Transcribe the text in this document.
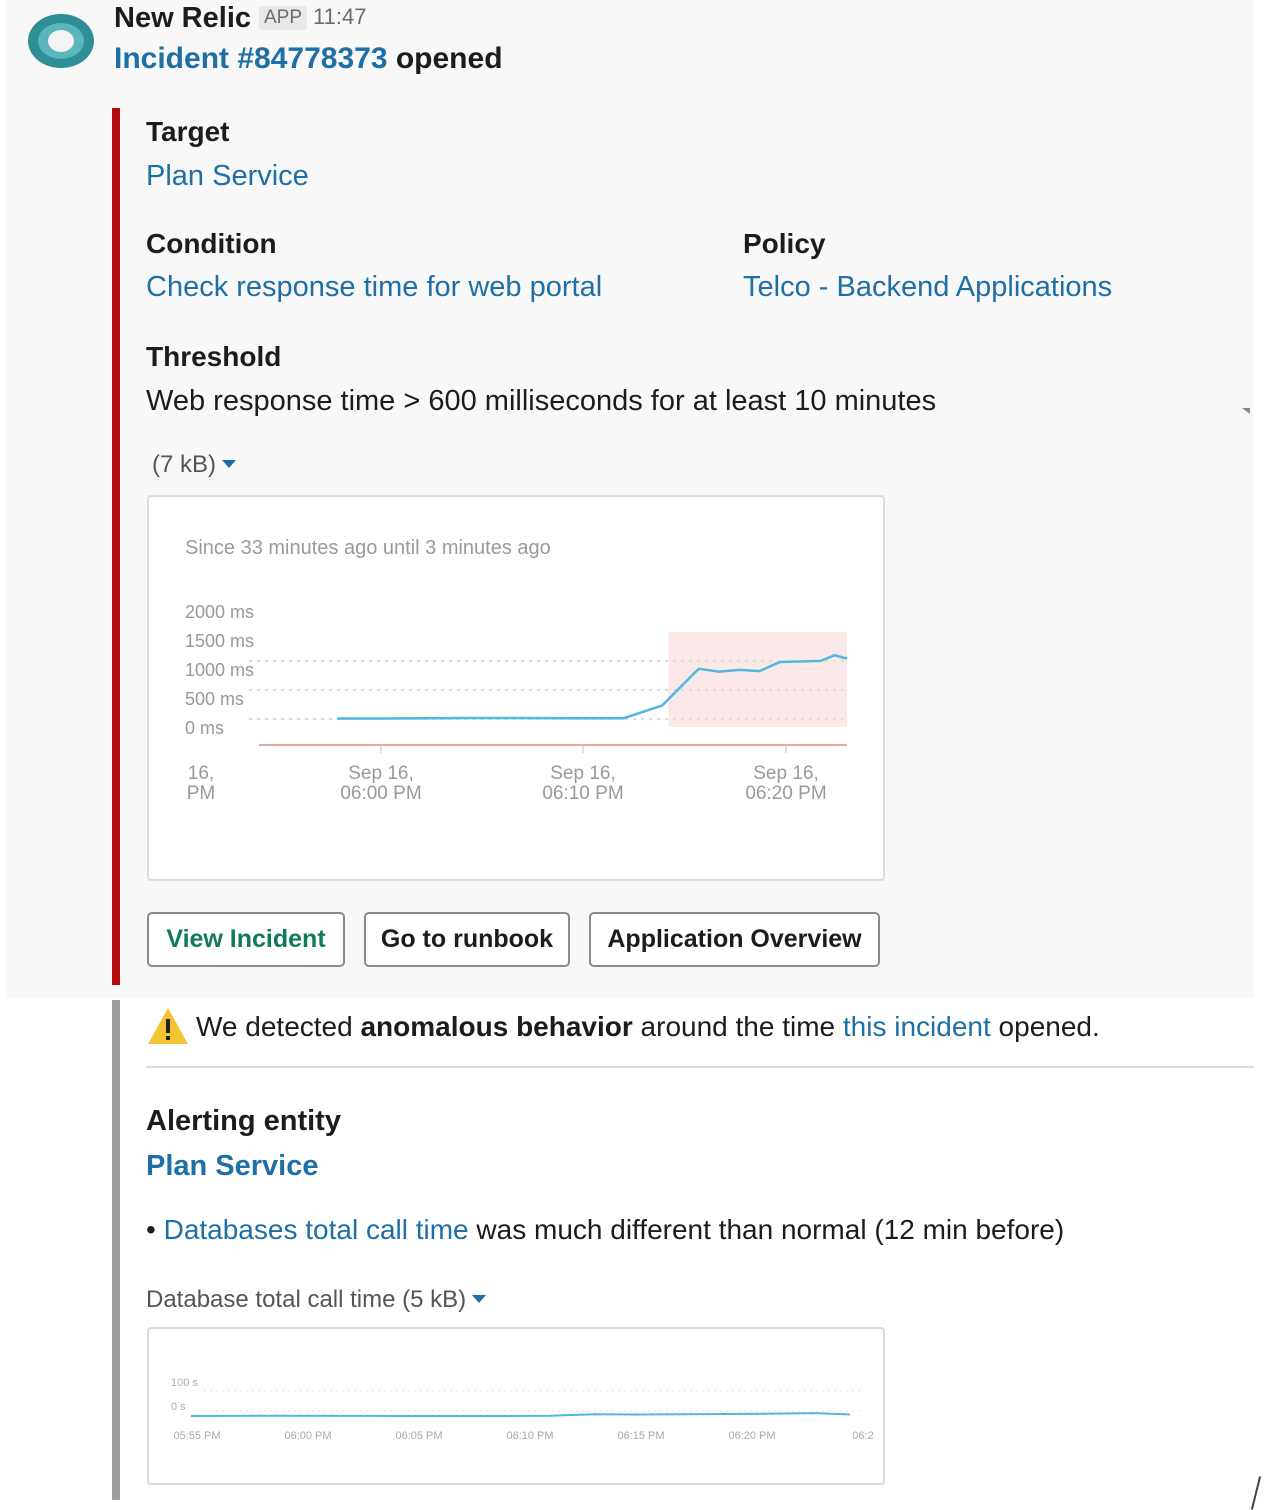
New Relic APP 11:47
Incident #84778373 opened
Target
Plan Service
Condition
Check response time for web portal
Policy
Telco - Backend Applications
Threshold
Web response time > 600 milliseconds for at least 10 minutes
(7 kB)
Since 33 minutes ago until 3 minutes ago
2000 ms
1500 ms
1000 ms
500 ms
0 ms
16,
PM
Sep 16,
06:00 PM
Sep 16,
06:10 PM
Sep 16,
06:20 PM
View Incident	Go to runbook	Application Overview
We detected anomalous behavior around the time this incident opened.
Alerting entity
Plan Service
• Databases total call time was much different than normal (12 min before)
Database total call time (5 kB)
100 s
0 s
05:55 PM	06:00 PM	06:05 PM	06:10 PM	06:15 PM	06:20 PM	06:2
